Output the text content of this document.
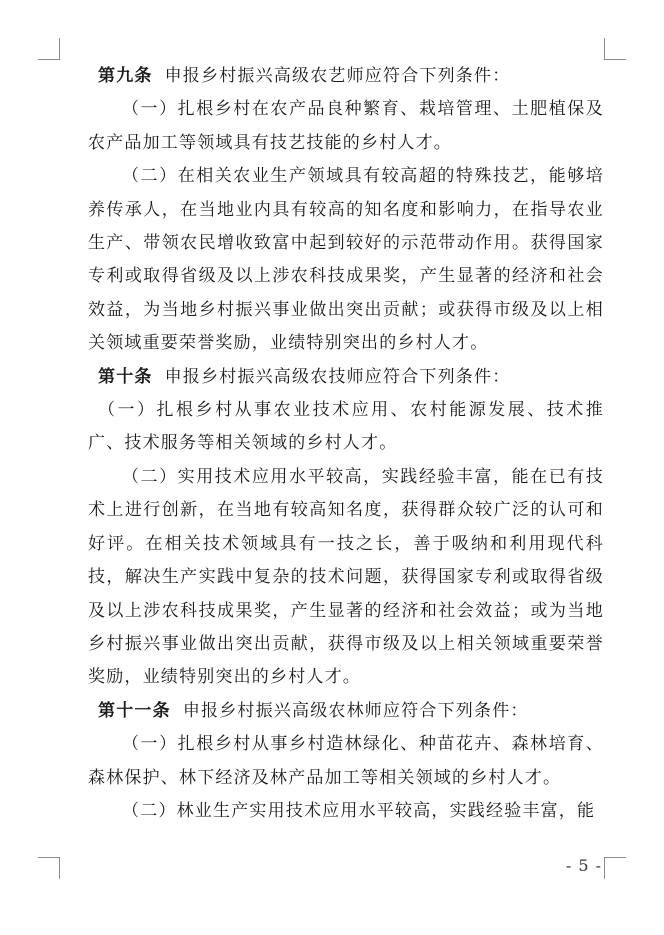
第九条 申报乡村振兴高级农艺师应符合下列条件：

（一）扎根乡村在农产品良种繁育、栽培管理、土肥植保及农产品加工等领域具有技艺技能的乡村人才。

（二）在相关农业生产领域具有较高超的特殊技艺，能够培养传承人，在当地业内具有较高的知名度和影响力，在指导农业生产、带领农民增收致富中起到较好的示范带动作用。获得国家专利或取得省级及以上涉农科技成果奖，产生显著的经济和社会效益，为当地乡村振兴事业做出突出贡献；或获得市级及以上相关领域重要荣誉奖励，业绩特别突出的乡村人才。

第十条 申报乡村振兴高级农技师应符合下列条件：

（一）扎根乡村从事农业技术应用、农村能源发展、技术推广、技术服务等相关领域的乡村人才。

（二）实用技术应用水平较高，实践经验丰富，能在已有技术上进行创新，在当地有较高知名度，获得群众较广泛的认可和好评。在相关技术领域具有一技之长，善于吸纳和利用现代科技，解决生产实践中复杂的技术问题，获得国家专利或取得省级及以上涉农科技成果奖，产生显著的经济和社会效益；或为当地乡村振兴事业做出突出贡献，获得市级及以上相关领域重要荣誉奖励，业绩特别突出的乡村人才。

第十一条 申报乡村振兴高级农林师应符合下列条件：

（一）扎根乡村从事乡村造林绿化、种苗花卉、森林培育、森林保护、林下经济及林产品加工等相关领域的乡村人才。

（二）林业生产实用技术应用水平较高，实践经验丰富，能

- 5 -
